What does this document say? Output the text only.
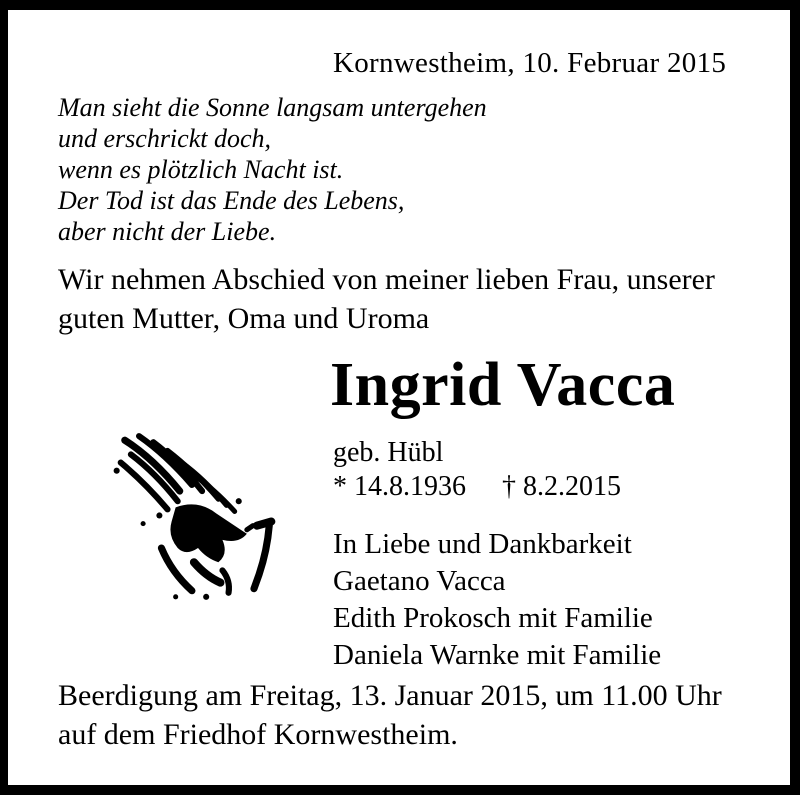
Kornwestheim, 10. Februar 2015
Man sieht die Sonne langsam untergehen
und erschrickt doch,
wenn es plötzlich Nacht ist.
Der Tod ist das Ende des Lebens,
aber nicht der Liebe.
Wir nehmen Abschied von meiner lieben Frau, unserer
guten Mutter, Oma und Uroma
Ingrid Vacca
geb. Hübl
* 14.8.1936 † 8.2.2015
In Liebe und Dankbarkeit
Gaetano Vacca
Edith Prokosch mit Familie
Daniela Warnke mit Familie
Beerdigung am Freitag, 13. Januar 2015, um 11.00 Uhr
auf dem Friedhof Kornwestheim.
